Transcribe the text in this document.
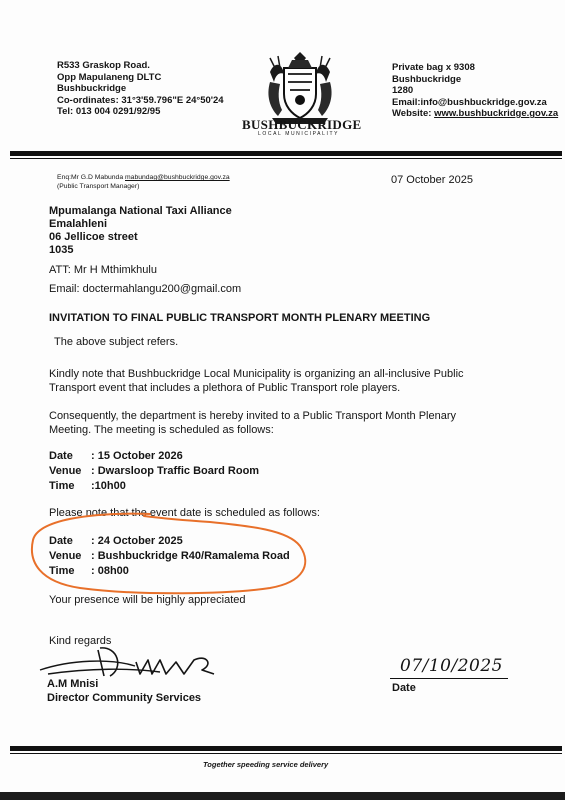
R533 Graskop Road.
Opp Mapulaneng DLTC
Bushbuckridge
Co-ordinates: 31°3'59.796"E 24°50'24
Tel: 013 004 0291/92/95
BUSHBUCKRIDGE
LOCAL MUNICIPALITY
Private bag x 9308
Bushbuckridge
1280
Email:info@bushbuckridge.gov.za
Website: www.bushbuckridge.gov.za
Enq:Mr G.D Mabunda mabundag@bushbuckridge.gov.za
(Public Transport Manager)
07 October 2025
Mpumalanga National Taxi Alliance
Emalahleni
06 Jellicoe street
1035
ATT: Mr H Mthimkhulu
Email: doctermahlangu200@gmail.com
INVITATION TO FINAL PUBLIC TRANSPORT MONTH PLENARY MEETING
The above subject refers.
Kindly note that Bushbuckridge Local Municipality is organizing an all-inclusive Public Transport event that includes a plethora of Public Transport role players.
Consequently, the department is hereby invited to a Public Transport Month Plenary Meeting. The meeting is scheduled as follows:
Date	: 15 October 2026
Venue : Dwarsloop Traffic Board Room
Time	:10h00
Please note that the event date is scheduled as follows:
Date	: 24 October 2025
Venue : Bushbuckridge R40/Ramalema Road
Time	: 08h00
Your presence will be highly appreciated
Kind regards
A.M Mnisi
Director Community Services
07/10/2025
Date
Together speeding service delivery
